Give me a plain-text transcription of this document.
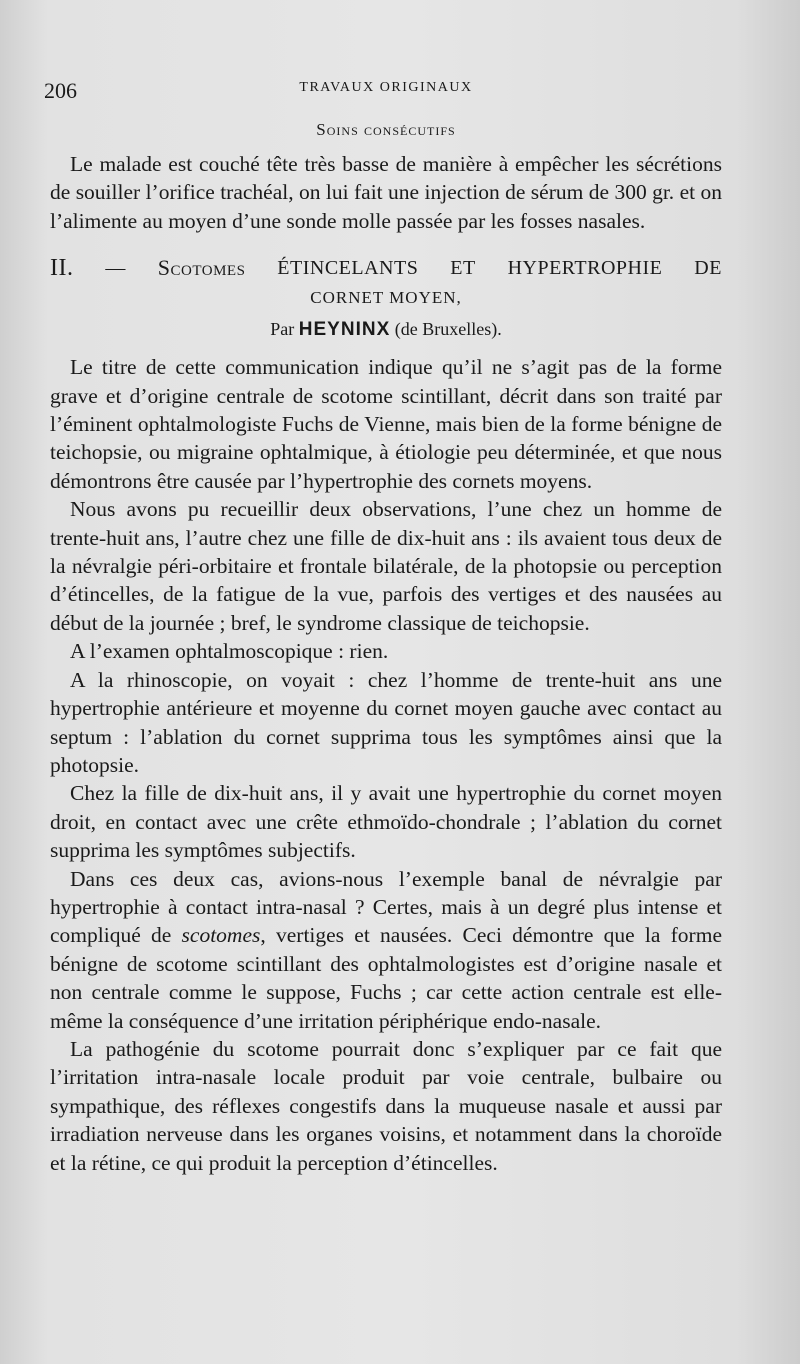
206	TRAVAUX ORIGINAUX
Soins consécutifs

Le malade est couché tête très basse de manière à empêcher les sécrétions de souiller l’orifice trachéal, on lui fait une injection de sérum de 300 gr. et on l’alimente au moyen d’une sonde molle passée par les fosses nasales.

II. — Scotomes ÉTINCELANTS ET HYPERTROPHIE DE
CORNET MOYEN,
Par HEYNINX (de Bruxelles).

Le titre de cette communication indique qu’il ne s’agit pas de la forme grave et d’origine centrale de scotome scintillant, décrit dans son traité par l’éminent ophtalmologiste Fuchs de Vienne, mais bien de la forme bénigne de teichopsie, ou migraine ophtalmique, à étiologie peu déterminée, et que nous démontrons être causée par l’hypertrophie des cornets moyens.

Nous avons pu recueillir deux observations, l’une chez un homme de trente-huit ans, l’autre chez une fille de dix-huit ans : ils avaient tous deux de la névralgie péri-orbitaire et frontale bilatérale, de la photopsie ou perception d’étincelles, de la fatigue de la vue, parfois des vertiges et des nausées au début de la journée ; bref, le syndrome classique de teichopsie.

A l’examen ophtalmoscopique : rien.

A la rhinoscopie, on voyait : chez l’homme de trente-huit ans une hypertrophie antérieure et moyenne du cornet moyen gauche avec contact au septum : l’ablation du cornet supprima tous les symptômes ainsi que la photopsie.

Chez la fille de dix-huit ans, il y avait une hypertrophie du cornet moyen droit, en contact avec une crête ethmoïdo-chondrale ; l’ablation du cornet supprima les symptômes subjectifs.

Dans ces deux cas, avions-nous l’exemple banal de névralgie par hypertrophie à contact intra-nasal ? Certes, mais à un degré plus intense et compliqué de scotomes, vertiges et nausées. Ceci démontre que la forme bénigne de scotome scintillant des ophtalmologistes est d’origine nasale et non centrale comme le suppose, Fuchs ; car cette action centrale est elle-même la conséquence d’une irritation périphérique endo-nasale.

La pathogénie du scotome pourrait donc s’expliquer par ce fait que l’irritation intra-nasale locale produit par voie centrale, bulbaire ou sympathique, des réflexes congestifs dans la muqueuse nasale et aussi par irradiation nerveuse dans les organes voisins, et notamment dans la choroïde et la rétine, ce qui produit la perception d’étincelles.
